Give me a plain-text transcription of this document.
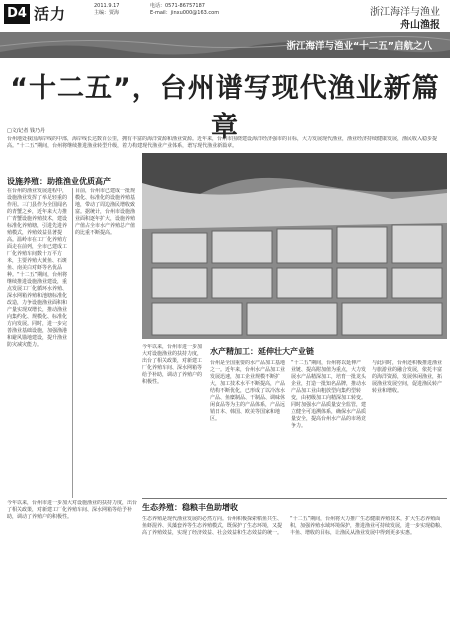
D4 活力	2011.9.17
主编：贾海
电话：0571-86757187
E-mail：jinxu000@163.com	浙江海洋与渔业
舟山渔报
浙江海洋与渔业“十二五”启航之八
“十二五”，台州谱写现代渔业新篇章
□文/记者 钱乃丹
台州地处我国海岸线的中部，海岸线长达数百公里，拥有丰富的海洋资源和渔业资源。近年来，台州市围绕建设海洋经济强市的目标，大力发展现代渔业，渔业经济持续健康发展，渔民收入稳步提高。“十二五”期间，台州将继续推进渔业转型升级，着力构建现代渔业产业体系，谱写现代渔业新篇章。
设施养殖：助推渔业优质高产
在台州的渔业发展进程中，设施渔业发挥了举足轻重的作用。三门县作为全国闻名的青蟹之乡，近年来大力推广青蟹设施养殖技术，建设标准化养殖塘，引进先进养殖模式，养殖效益显著提高。温岭市在工厂化养殖方面走在前列，全市已建成工厂化养殖车间数十万平方米，主要养殖大黄鱼、石斑鱼、南美白对虾等名优品种。“十二五”期间，台州将继续推进设施渔业建设，重点发展工厂化循环水养殖、深水网箱养殖和池塘标准化改造，力争设施渔业面积和产量实现双增长，推动渔业向集约化、规模化、标准化方向发展。同时，进一步完善渔业基础设施，加强渔港和避风锚地建设，提升渔业防灾减灾能力。
目前，台州市已建成一批规模化、标准化的设施养殖基地，带动了周边渔民增收致富。据统计，台州市设施渔业面积逐年扩大，设施养殖产值占全市水产养殖总产值的比重不断提高。
今年以来，台州市进一步加大对设施渔业的扶持力度，出台了相关政策，对新建工厂化养殖车间、深水网箱等给予补助，调动了养殖户的积极性。
水产精加工：延伸壮大产业链
台州是全国重要的水产品加工基地之一。近年来，台州水产品加工业发展迅速，加工企业规模不断扩大，加工技术水平不断提高，产品结构不断优化，已形成了以冷冻水产品、鱼糜制品、干制品、调味休闲食品等为主的产品体系，产品远销日本、韩国、欧美等国家和地区。
“十二五”期间，台州将以延伸产业链、提高附加值为重点，大力发展水产品精深加工，培育一批龙头企业，打造一批知名品牌，推动水产品加工业由粗放型向集约型转变，由初级加工向精深加工转变。同时加强水产品质量安全监管，建立健全可追溯体系，确保水产品质量安全，提高台州水产品的市场竞争力。
与此同时，台州还积极推进渔业与旅游业的融合发展，依托丰富的海洋资源，发展休闲渔业，拓展渔业发展空间，促进渔民转产转业和增收。
生态养殖：稳粮丰鱼助增收
生态养殖是现代渔业发展的必然方向。台州积极探索稻鱼共生、鱼虾混养、贝藻套养等生态养殖模式，既保护了生态环境，又提高了养殖效益，实现了经济效益、社会效益和生态效益的统一。
“十二五”期间，台州将大力推广生态健康养殖技术，扩大生态养殖面积，加强养殖水域环境保护，推进渔业可持续发展，进一步实现稳粮、丰鱼、增收的目标，让渔民从渔业发展中得到更多实惠。
今年以来，台州市进一步加大对设施渔业的扶持力度，出台了相关政策，对新建工厂化养殖车间、深水网箱等给予补助，调动了养殖户的积极性。
